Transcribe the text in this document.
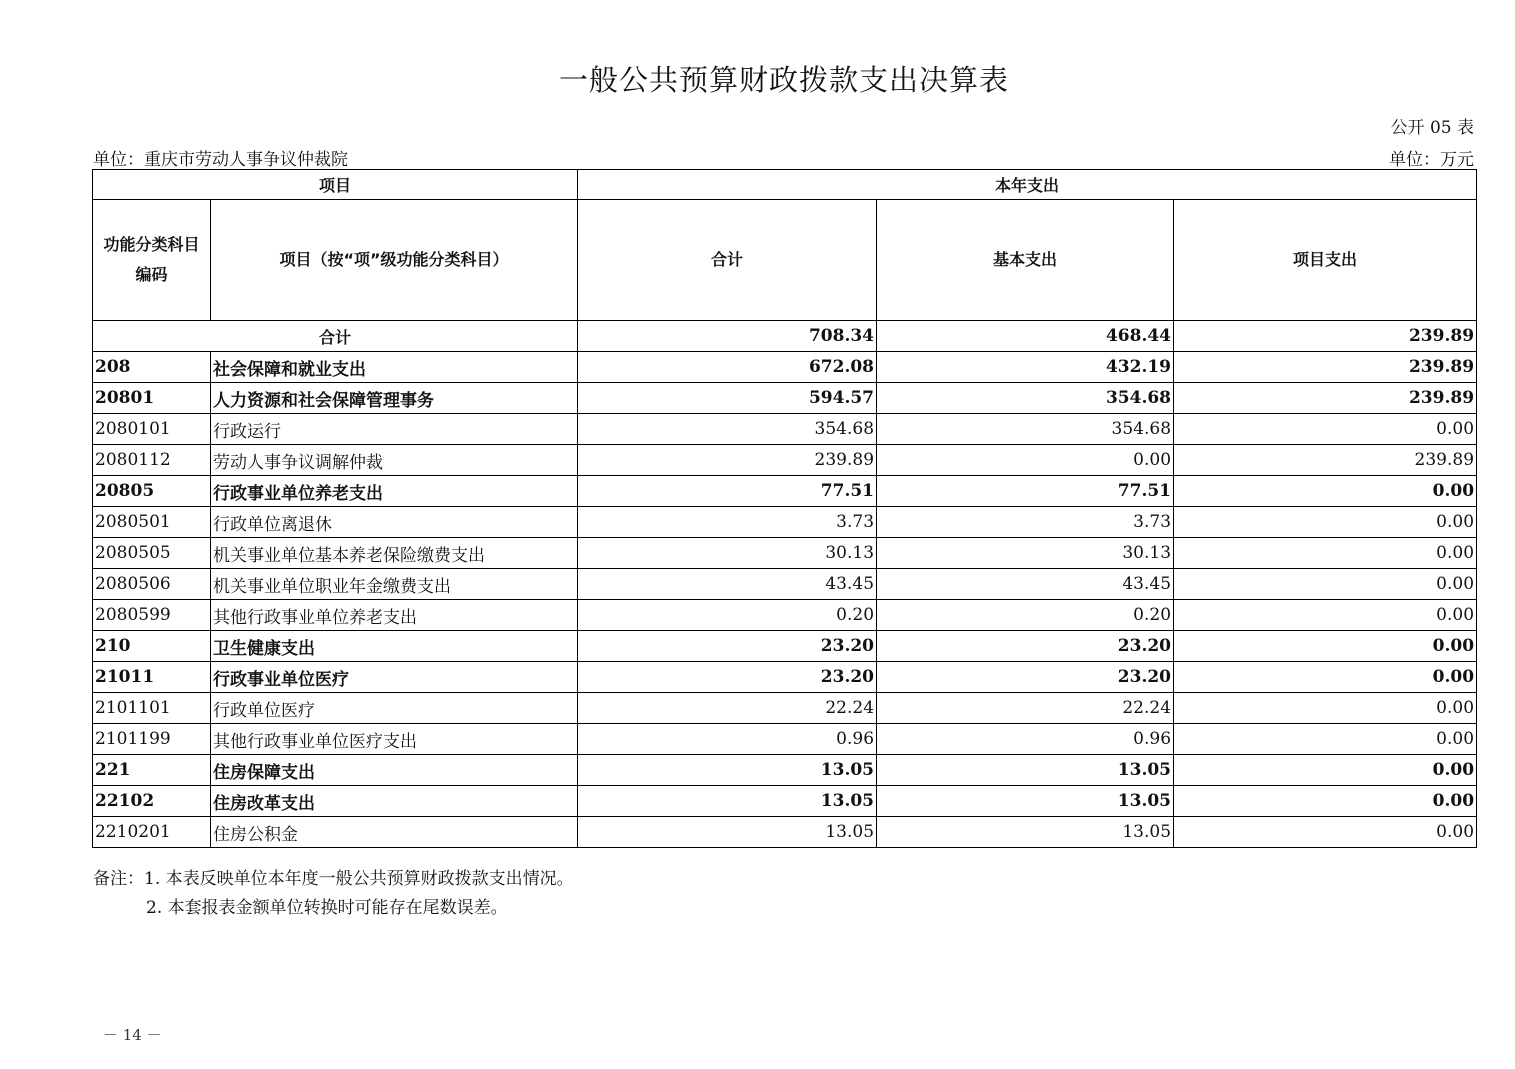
一般公共预算财政拨款支出决算表
公开 05 表
单位：重庆市劳动人事争议仲裁院	单位：万元
项目		本年支出		

功能分类科目
编码	项目（按“项”级功能分类科目）	合计	基本支出	项目支出
合计		708.34	468.44	239.89
208	社会保障和就业支出	672.08	432.19	239.89
20801	人力资源和社会保障管理事务	594.57	354.68	239.89
2080101	行政运行	354.68	354.68	0.00
2080112	劳动人事争议调解仲裁	239.89	0.00	239.89
20805	行政事业单位养老支出	77.51	77.51	0.00
2080501	行政单位离退休	3.73	3.73	0.00
2080505	机关事业单位基本养老保险缴费支出	30.13	30.13	0.00
2080506	机关事业单位职业年金缴费支出	43.45	43.45	0.00
2080599	其他行政事业单位养老支出	0.20	0.20	0.00
210	卫生健康支出	23.20	23.20	0.00
21011	行政事业单位医疗	23.20	23.20	0.00
2101101	行政单位医疗	22.24	22.24	0.00
2101199	其他行政事业单位医疗支出	0.96	0.96	0.00
221	住房保障支出	13.05	13.05	0.00
22102	住房改革支出	13.05	13.05	0.00
2210201	住房公积金	13.05	13.05	0.00
备注：1. 本表反映单位本年度一般公共预算财政拨款支出情况。
2. 本套报表金额单位转换时可能存在尾数误差。
－ 14 －
